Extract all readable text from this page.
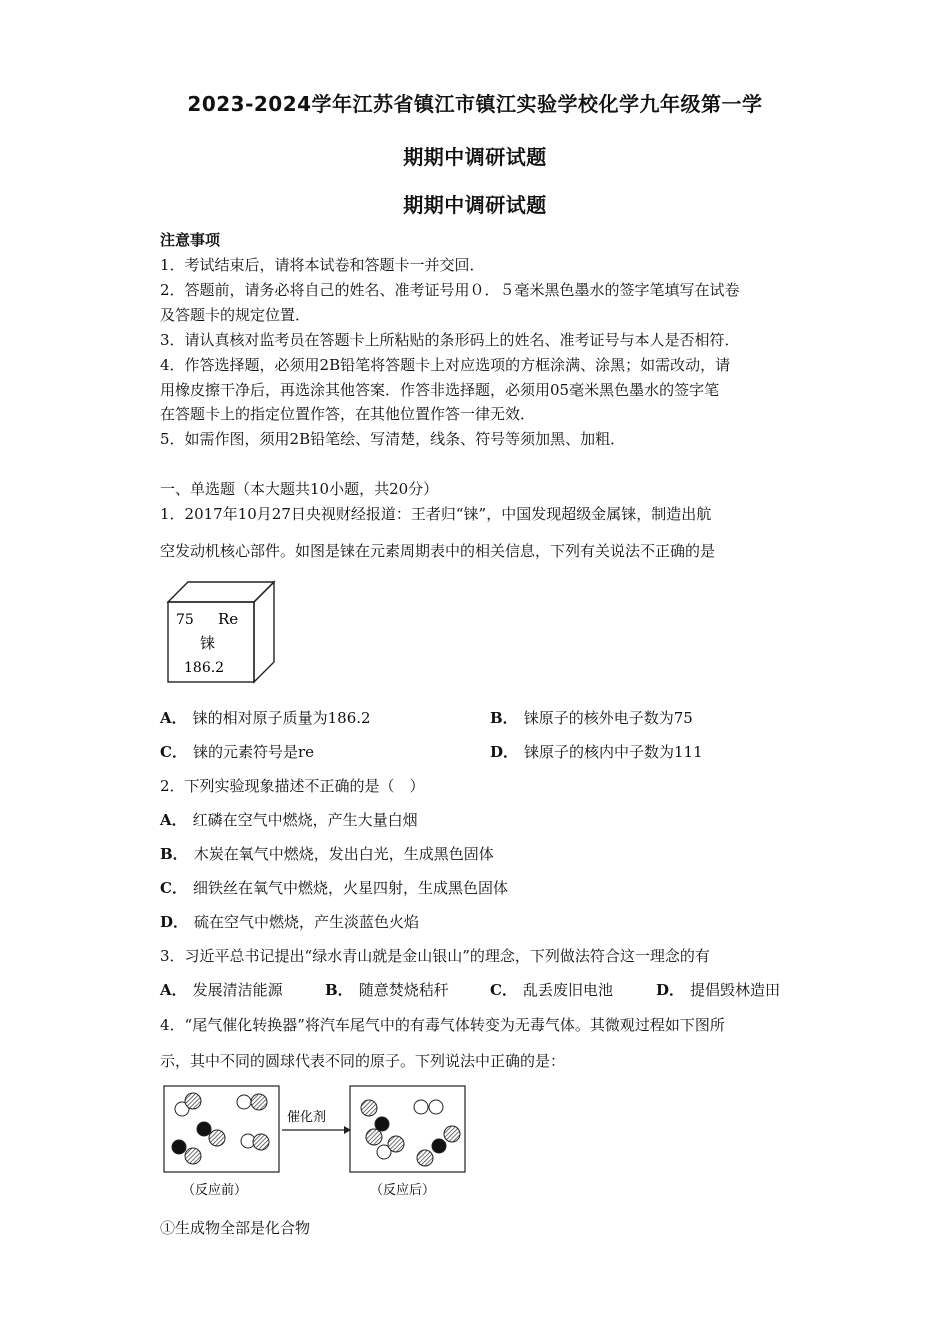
2023-2024学年江苏省镇江市镇江实验学校化学九年级第一学
期期中调研试题
期期中调研试题
注意事项
1．考试结束后，请将本试卷和答题卡一并交回．
2．答题前，请务必将自己的姓名、准考证号用０．５毫米黑色墨水的签字笔填写在试卷
及答题卡的规定位置．
3．请认真核对监考员在答题卡上所粘贴的条形码上的姓名、准考证号与本人是否相符．
4．作答选择题，必须用2B铅笔将答题卡上对应选项的方框涂满、涂黑；如需改动，请
用橡皮擦干净后，再选涂其他答案．作答非选择题，必须用05毫米黑色墨水的签字笔
在答题卡上的指定位置作答，在其他位置作答一律无效．
5．如需作图，须用2B铅笔绘、写清楚，线条、符号等须加黑、加粗．
一、单选题（本大题共10小题，共20分）
1．2017年10月27日央视财经报道：王者归“铼”，中国发现超级金属铼，制造出航
空发动机核心部件。如图是铼在元素周期表中的相关信息，下列有关说法不正确的是
75 Re
铼
186.2
A． 铼的相对原子质量为186.2	B． 铼原子的核外电子数为75
C． 铼的元素符号是re	D． 铼原子的核内中子数为111
2．下列实验现象描述不正确的是（　）
A． 红磷在空气中燃烧，产生大量白烟
B． 木炭在氧气中燃烧，发出白光，生成黑色固体
C． 细铁丝在氧气中燃烧，火星四射，生成黑色固体
D． 硫在空气中燃烧，产生淡蓝色火焰
3．习近平总书记提出“绿水青山就是金山银山”的理念，下列做法符合这一理念的有
A． 发展清洁能源	B． 随意焚烧秸秆	C． 乱丢废旧电池	D． 提倡毁林造田
4．“尾气催化转换器”将汽车尾气中的有毒气体转变为无毒气体。其微观过程如下图所
示，其中不同的圆球代表不同的原子。下列说法中正确的是：
催化剂
（反应前）	（反应后）
①生成物全部是化合物
